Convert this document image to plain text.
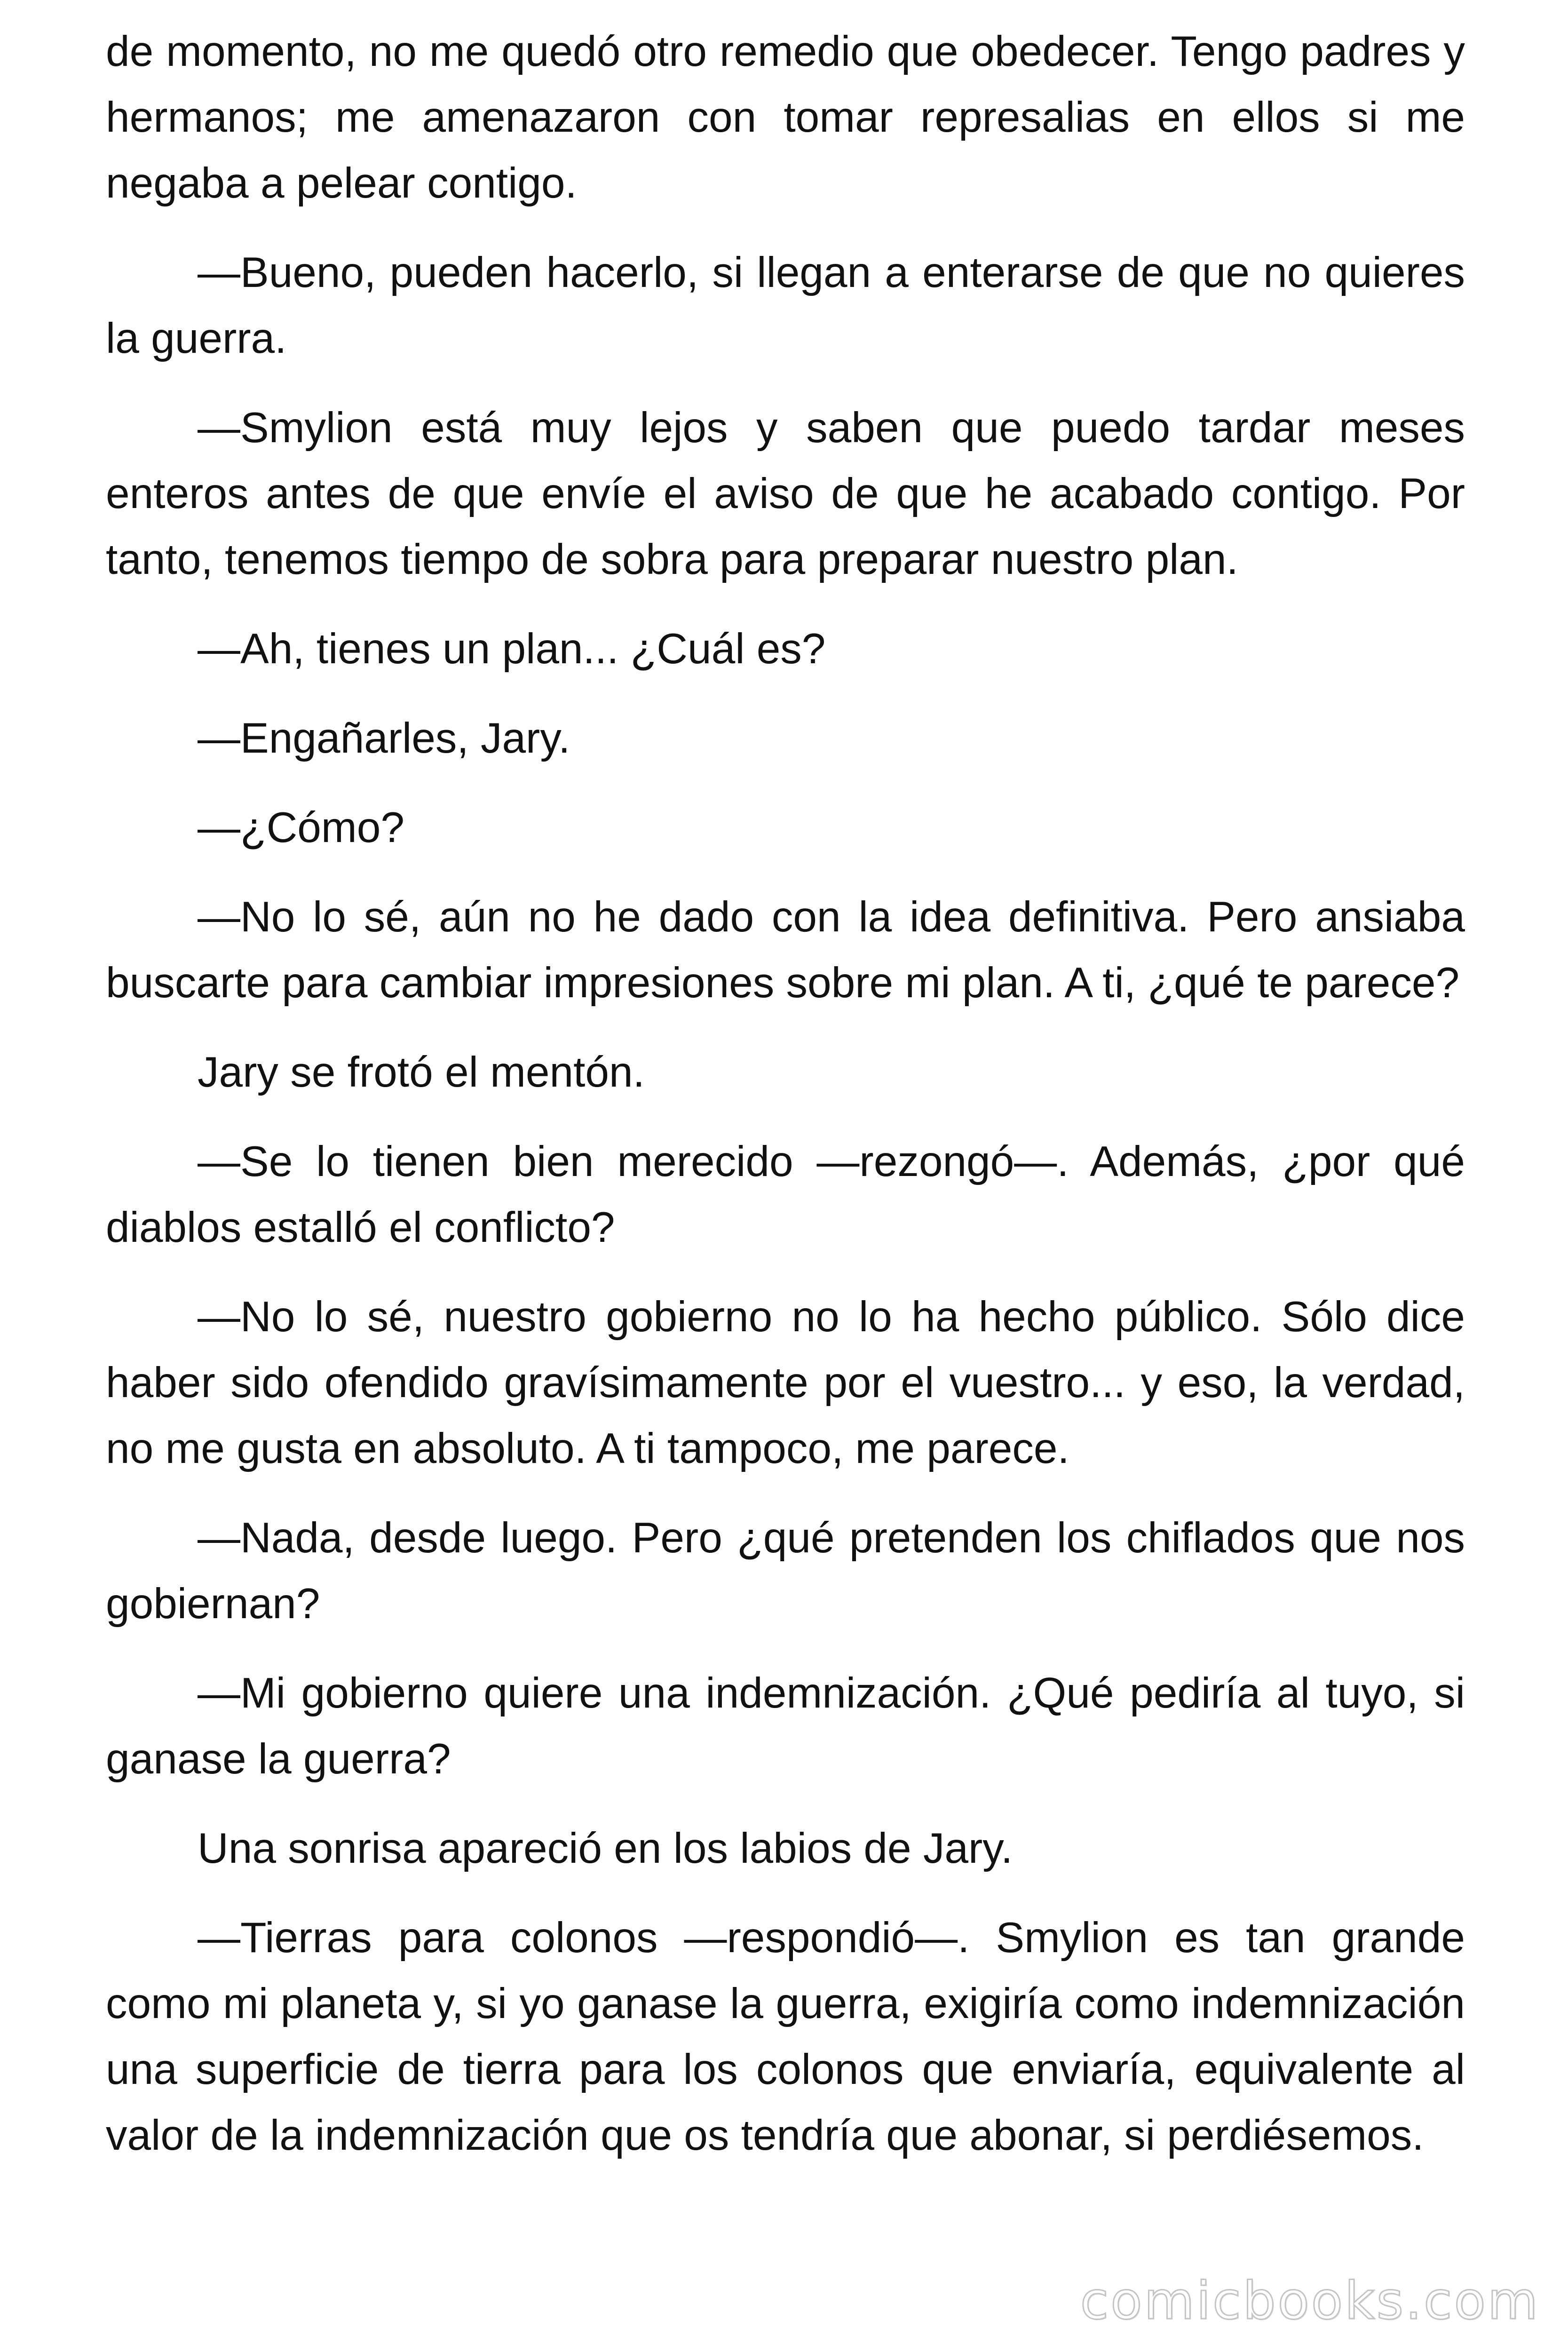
de momento, no me quedó otro remedio que obedecer. Tengo padres y hermanos; me amenazaron con tomar represalias en ellos si me negaba a pelear contigo.

—Bueno, pueden hacerlo, si llegan a enterarse de que no quieres la guerra.

—Smylion está muy lejos y saben que puedo tardar meses enteros antes de que envíe el aviso de que he acabado contigo. Por tanto, tenemos tiempo de sobra para preparar nuestro plan.

—Ah, tienes un plan... ¿Cuál es?

—Engañarles, Jary.

—¿Cómo?

—No lo sé, aún no he dado con la idea definitiva. Pero ansiaba buscarte para cambiar impresiones sobre mi plan. A ti, ¿qué te parece?

Jary se frotó el mentón.

—Se lo tienen bien merecido —rezongó—. Además, ¿por qué diablos estalló el conflicto?

—No lo sé, nuestro gobierno no lo ha hecho público. Sólo dice haber sido ofendido gravísimamente por el vuestro... y eso, la verdad, no me gusta en absoluto. A ti tampoco, me parece.

—Nada, desde luego. Pero ¿qué pretenden los chiflados que nos gobiernan?

—Mi gobierno quiere una indemnización. ¿Qué pediría al tuyo, si ganase la guerra?

Una sonrisa apareció en los labios de Jary.

—Tierras para colonos —respondió—. Smylion es tan grande como mi planeta y, si yo ganase la guerra, exigiría como indemnización una superficie de tierra para los colonos que enviaría, equivalente al valor de la indemnización que os tendría que abonar, si perdiésemos.

comicbooks.com
